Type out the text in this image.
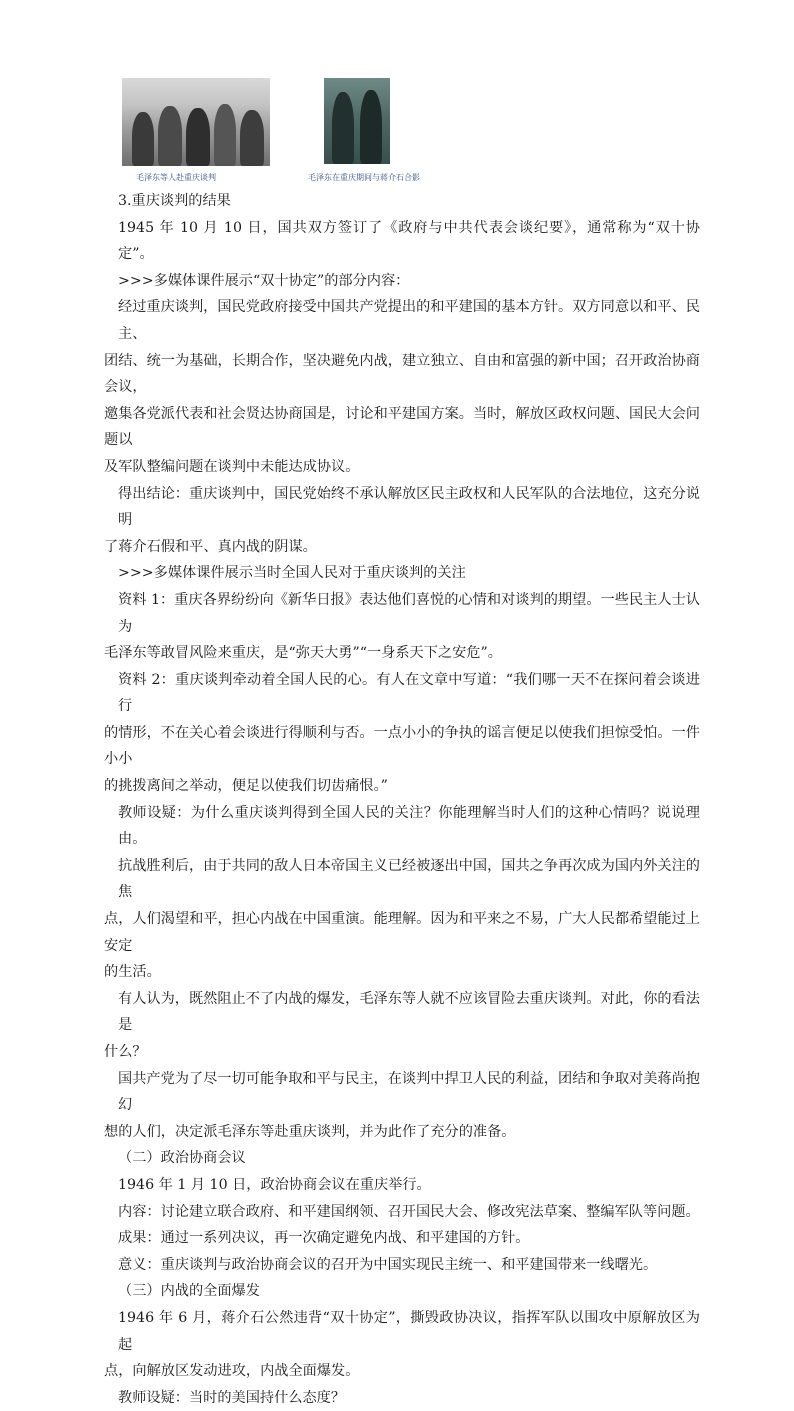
毛泽东等人赴重庆谈判	毛泽东在重庆期间与蒋介石合影

3.重庆谈判的结果

1945 年 10 月 10 日，国共双方签订了《政府与中共代表会谈纪要》，通常称为“双十协定”。

>>>多媒体课件展示“双十协定”的部分内容：

经过重庆谈判，国民党政府接受中国共产党提出的和平建国的基本方针。双方同意以和平、民主、

团结、统一为基础，长期合作，坚决避免内战，建立独立、自由和富强的新中国；召开政治协商会议，

邀集各党派代表和社会贤达协商国是，讨论和平建国方案。当时，解放区政权问题、国民大会问题以

及军队整编问题在谈判中未能达成协议。

得出结论：重庆谈判中，国民党始终不承认解放区民主政权和人民军队的合法地位，这充分说明

了蒋介石假和平、真内战的阴谋。

>>>多媒体课件展示当时全国人民对于重庆谈判的关注

资料 1：重庆各界纷纷向《新华日报》表达他们喜悦的心情和对谈判的期望。一些民主人士认为

毛泽东等敢冒风险来重庆，是“弥天大勇”“一身系天下之安危”。

资料 2：重庆谈判牵动着全国人民的心。有人在文章中写道：“我们哪一天不在探问着会谈进行

的情形，不在关心着会谈进行得顺利与否。一点小小的争执的谣言便足以使我们担惊受怕。一件小小

的挑拨离间之举动，便足以使我们切齿痛恨。”

教师设疑：为什么重庆谈判得到全国人民的关注？你能理解当时人们的这种心情吗？说说理由。

抗战胜利后，由于共同的敌人日本帝国主义已经被逐出中国，国共之争再次成为国内外关注的焦

点，人们渴望和平，担心内战在中国重演。能理解。因为和平来之不易，广大人民都希望能过上安定

的生活。

有人认为，既然阻止不了内战的爆发，毛泽东等人就不应该冒险去重庆谈判。对此，你的看法是

什么？

国共产党为了尽一切可能争取和平与民主，在谈判中捍卫人民的利益，团结和争取对美蒋尚抱幻

想的人们，决定派毛泽东等赴重庆谈判，并为此作了充分的准备。

（二）政治协商会议

1946 年 1 月 10 日，政治协商会议在重庆举行。

内容：讨论建立联合政府、和平建国纲领、召开国民大会、修改宪法草案、整编军队等问题。

成果：通过一系列决议，再一次确定避免内战、和平建国的方针。

意义：重庆谈判与政治协商会议的召开为中国实现民主统一、和平建国带来一线曙光。

（三）内战的全面爆发

1946 年 6 月，蒋介石公然违背“双十协定”，撕毁政协决议，指挥军队以围攻中原解放区为起

点，向解放区发动进攻，内战全面爆发。

教师设疑：当时的美国持什么态度？
